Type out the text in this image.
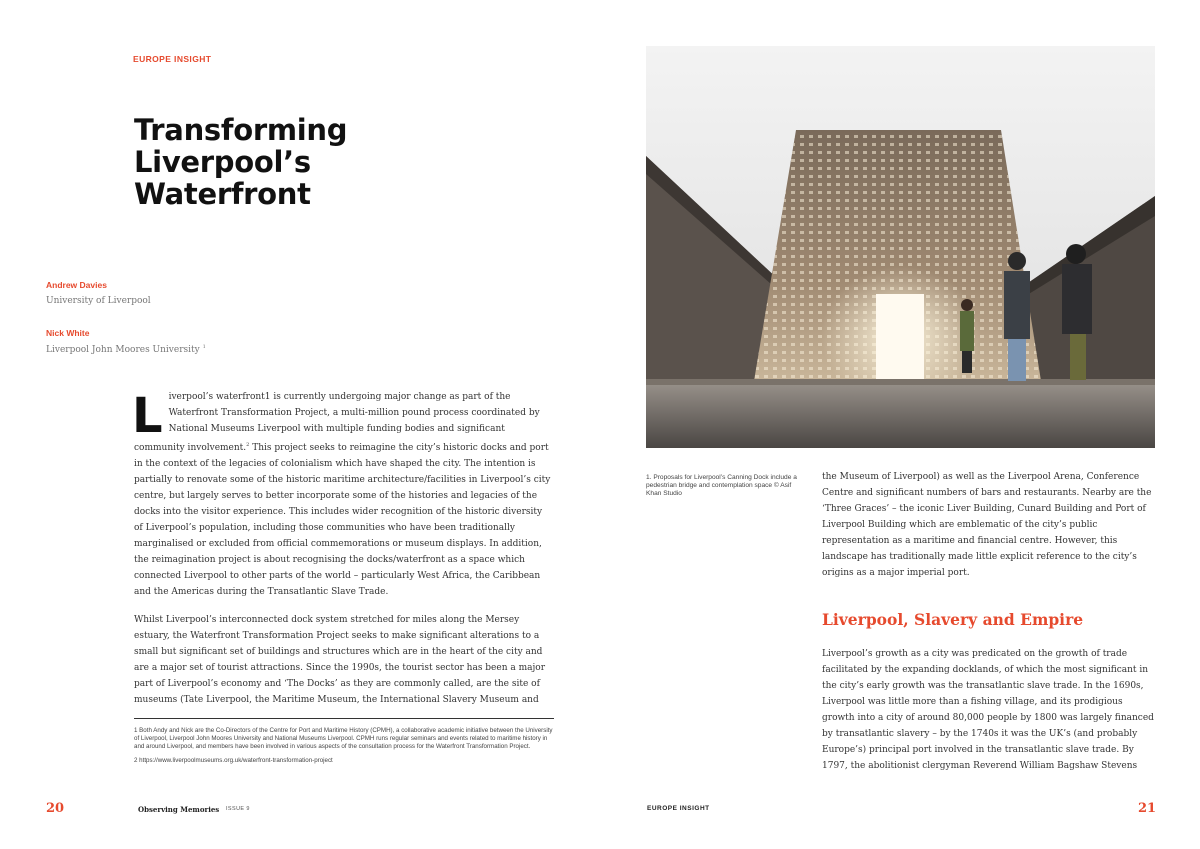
EUROPE INSIGHT
Transforming
Liverpool’s
Waterfront
Andrew Davies
University of Liverpool
Nick White
Liverpool John Moores University $^1$

Liverpool’s waterfront1 is currently undergoing major change as part of the Waterfront Transformation Project, a multi-million pound process coordinated by National Museums Liverpool with multiple funding bodies and significant community involvement.$^2$ This project seeks to reimagine the city’s historic docks and port in the context of the legacies of colonialism which have shaped the city. The intention is partially to renovate some of the historic maritime architecture/facilities in Liverpool’s city centre, but largely serves to better incorporate some of the histories and legacies of the docks into the visitor experience. This includes wider recognition of the historic diversity of Liverpool’s population, including those communities who have been traditionally marginalised or excluded from official commemorations or museum displays. In addition, the reimagination project is about recognising the docks/waterfront as a space which connected Liverpool to other parts of the world – particularly West Africa, the Caribbean and the Americas during the Transatlantic Slave Trade.

Whilst Liverpool’s interconnected dock system stretched for miles along the Mersey estuary, the Waterfront Transformation Project seeks to make significant alterations to a small but significant set of buildings and structures which are in the heart of the city and are a major set of tourist attractions. Since the 1990s, the tourist sector has been a major part of Liverpool’s economy and ‘The Docks’ as they are commonly called, are the site of museums (Tate Liverpool, the Maritime Museum, the International Slavery Museum and

1 Both Andy and Nick are the Co-Directors of the Centre for Port and Maritime History (CPMH), a collaborative academic initiative between the University of Liverpool, Liverpool John Moores University and National Museums Liverpool. CPMH runs regular seminars and events related to maritime history in and around Liverpool, and members have been involved in various aspects of the consultation process for the Waterfront Transformation Project.

2 https://www.liverpoolmuseums.org.uk/waterfront-transformation-project

20	Observing Memories ISSUE 9
1. Proposals for Liverpool’s Canning Dock include a pedestrian bridge and contemplation space © Asif Khan Studio

the Museum of Liverpool) as well as the Liverpool Arena, Conference Centre and significant numbers of bars and restaurants. Nearby are the ‘Three Graces’ – the iconic Liver Building, Cunard Building and Port of Liverpool Building which are emblematic of the city’s public representation as a maritime and financial centre. However, this landscape has traditionally made little explicit reference to the city’s origins as a major imperial port.

Liverpool, Slavery and Empire

Liverpool’s growth as a city was predicated on the growth of trade facilitated by the expanding docklands, of which the most significant in the city’s early growth was the transatlantic slave trade. In the 1690s, Liverpool was little more than a fishing village, and its prodigious growth into a city of around 80,000 people by 1800 was largely financed by transatlantic slavery – by the 1740s it was the UK’s (and probably Europe’s) principal port involved in the transatlantic slave trade. By 1797, the abolitionist clergyman Reverend William Bagshaw Stevens

EUROPE INSIGHT	21
